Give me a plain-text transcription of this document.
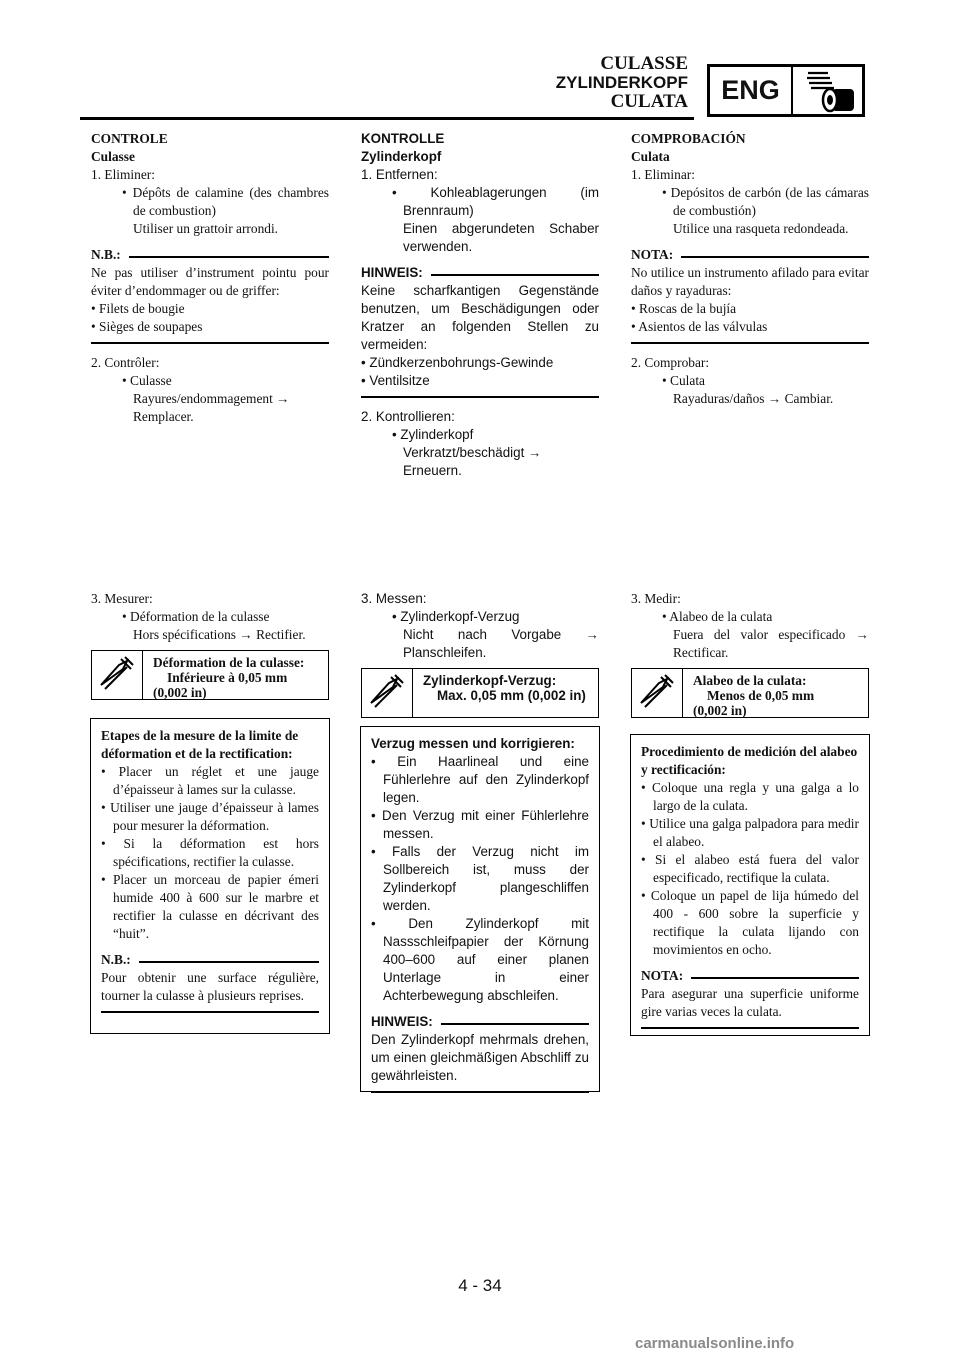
CULASSE
ZYLINDERKOPF
CULATA	ENG

CONTROLE

Culasse

1. Eliminer:

• Dépôts de calamine (des chambres de combustion)

Utiliser un grattoir arrondi.

N.B.:

Ne pas utiliser d’instrument pointu pour éviter d’endommager ou de griffer:

• Filets de bougie

• Sièges de soupapes

2. Contrôler:

• Culasse

Rayures/endommagement → Remplacer.

KONTROLLE

Zylinderkopf

1. Entfernen:

• Kohleablagerungen (im Brennraum)

Einen abgerundeten Schaber verwenden.

HINWEIS:

Keine scharfkantigen Gegenstände benutzen, um Beschädigungen oder Kratzer an folgenden Stellen zu vermeiden:

• Zündkerzenbohrungs-Gewinde

• Ventilsitze

2. Kontrollieren:

• Zylinderkopf

Verkratzt/beschädigt → Erneuern.

COMPROBACIÓN

Culata

1. Eliminar:

• Depósitos de carbón (de las cámaras de combustión)

Utilice una rasqueta redondeada.

NOTA:

No utilice un instrumento afilado para evitar daños y rayaduras:

• Roscas de la bujía

• Asientos de las válvulas

2. Comprobar:

• Culata

Rayaduras/daños → Cambiar.

3. Mesurer:

• Déformation de la culasse

Hors spécifications → Rectifier.

3. Messen:

• Zylinderkopf-Verzug

Nicht nach Vorgabe → Planschleifen.

3. Medir:

• Alabeo de la culata

Fuera del valor especificado → Rectificar.

Déformation de la culasse:
Inférieure à 0,05 mm
(0,002 in)
Zylinderkopf-Verzug:
Max. 0,05 mm (0,002 in)
Alabeo de la culata:
Menos de 0,05 mm
(0,002 in)

Etapes de la mesure de la limite de déformation et de la rectification:

• Placer un réglet et une jauge d’épaisseur à lames sur la culasse.

• Utiliser une jauge d’épaisseur à lames pour mesurer la déformation.

• Si la déformation est hors spécifications, rectifier la culasse.

• Placer un morceau de papier émeri humide 400 à 600 sur le marbre et rectifier la culasse en décrivant des “huit”.

N.B.:

Pour obtenir une surface régulière, tourner la culasse à plusieurs reprises.

Verzug messen und korrigieren:

• Ein Haarlineal und eine Fühlerlehre auf den Zylinderkopf legen.

• Den Verzug mit einer Fühlerlehre messen.

• Falls der Verzug nicht im Sollbereich ist, muss der Zylinderkopf plangeschliffen werden.

• Den Zylinderkopf mit Nassschleifpapier der Körnung 400–600 auf einer planen Unterlage in einer Achterbewegung abschleifen.

HINWEIS:

Den Zylinderkopf mehrmals drehen, um einen gleichmäßigen Abschliff zu gewährleisten.

Procedimiento de medición del alabeo y rectificación:

• Coloque una regla y una galga a lo largo de la culata.

• Utilice una galga palpadora para medir el alabeo.

• Si el alabeo está fuera del valor especificado, rectifique la culata.

• Coloque un papel de lija húmedo del 400 - 600 sobre la superficie y rectifique la culata lijando con movimientos en ocho.

NOTA:

Para asegurar una superficie uniforme gire varias veces la culata.

4 - 34
carmanualsonline.info
